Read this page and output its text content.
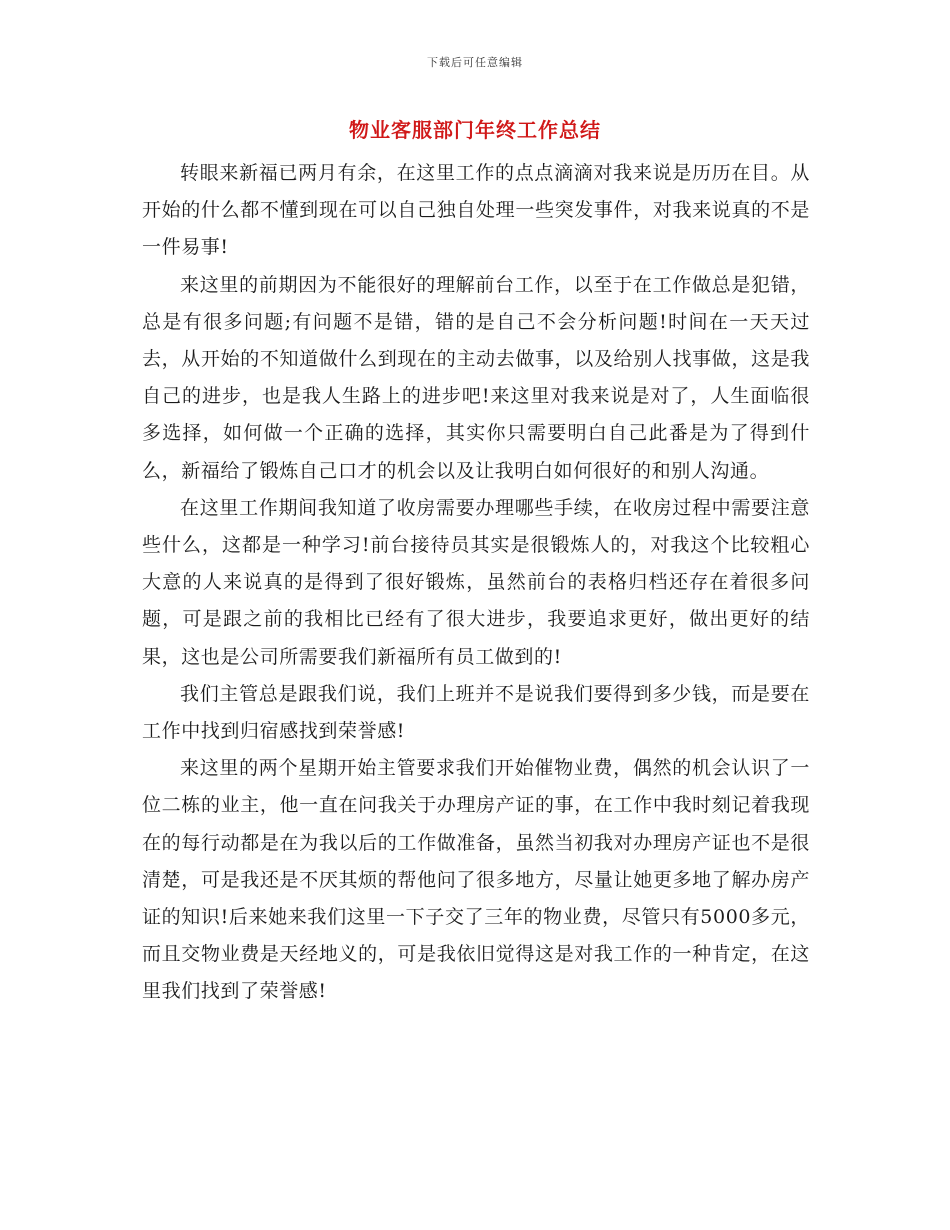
下载后可任意编辑
物业客服部门年终工作总结

转眼来新福已两月有余，在这里工作的点点滴滴对我来说是历历在目。从开始的什么都不懂到现在可以自己独自处理一些突发事件，对我来说真的不是一件易事!

来这里的前期因为不能很好的理解前台工作，以至于在工作做总是犯错，总是有很多问题;有问题不是错，错的是自己不会分析问题!时间在一天天过去，从开始的不知道做什么到现在的主动去做事，以及给别人找事做，这是我自己的进步，也是我人生路上的进步吧!来这里对我来说是对了，人生面临很多选择，如何做一个正确的选择，其实你只需要明白自己此番是为了得到什么，新福给了锻炼自己口才的机会以及让我明白如何很好的和别人沟通。

在这里工作期间我知道了收房需要办理哪些手续，在收房过程中需要注意些什么，这都是一种学习!前台接待员其实是很锻炼人的，对我这个比较粗心大意的人来说真的是得到了很好锻炼，虽然前台的表格归档还存在着很多问题，可是跟之前的我相比已经有了很大进步，我要追求更好，做出更好的结果，这也是公司所需要我们新福所有员工做到的!

我们主管总是跟我们说，我们上班并不是说我们要得到多少钱，而是要在工作中找到归宿感找到荣誉感!

来这里的两个星期开始主管要求我们开始催物业费，偶然的机会认识了一位二栋的业主，他一直在问我关于办理房产证的事，在工作中我时刻记着我现在的每行动都是在为我以后的工作做准备，虽然当初我对办理房产证也不是很清楚，可是我还是不厌其烦的帮他问了很多地方，尽量让她更多地了解办房产证的知识!后来她来我们这里一下子交了三年的物业费，尽管只有5000多元，而且交物业费是天经地义的，可是我依旧觉得这是对我工作的一种肯定，在这里我们找到了荣誉感!
